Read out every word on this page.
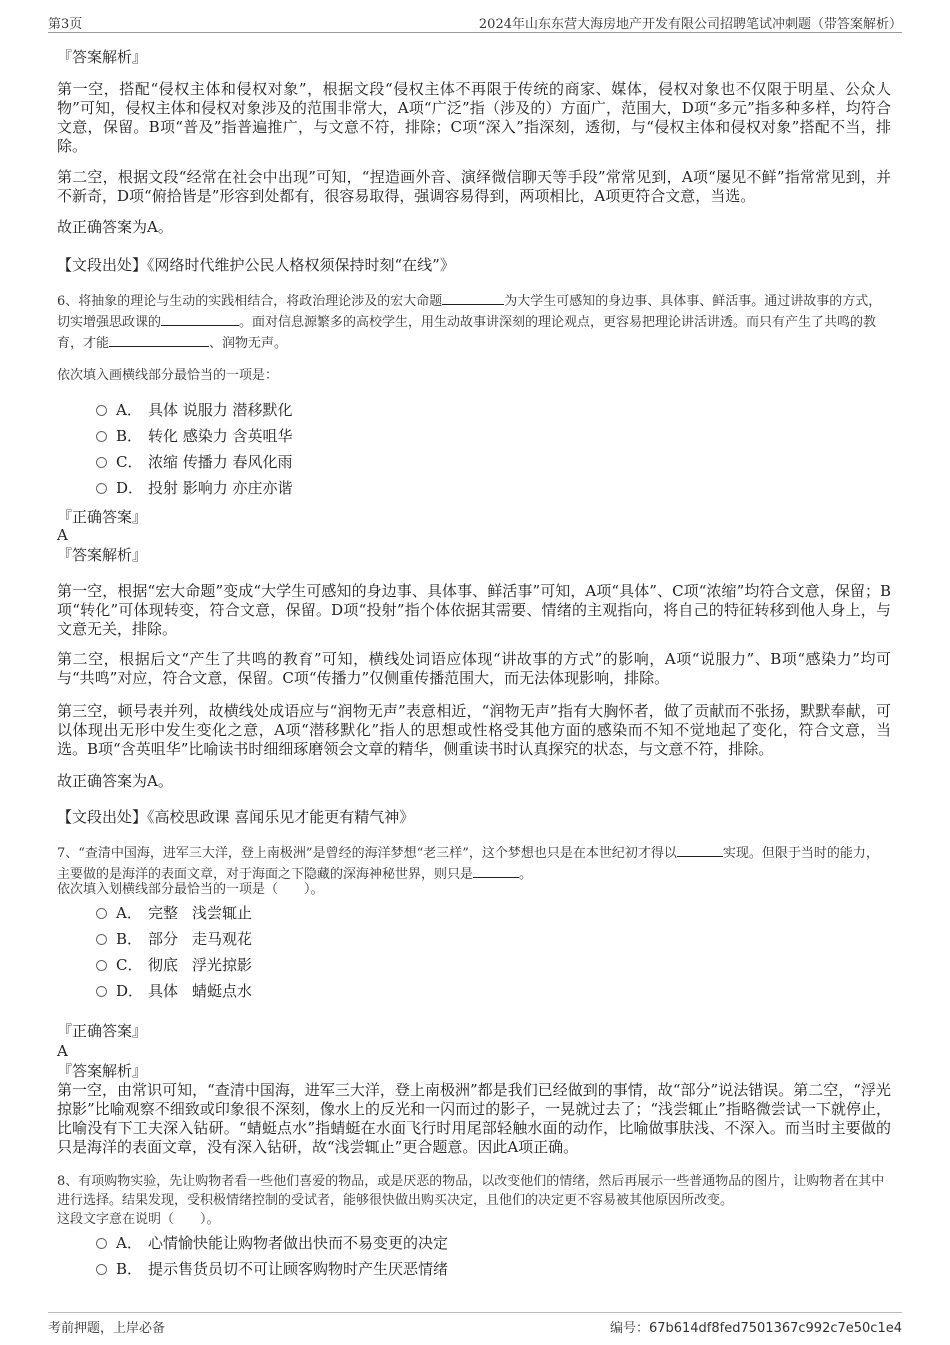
第3页	2024年山东东营大海房地产开发有限公司招聘笔试冲刺题（带答案解析）
『答案解析』
第一空，搭配“侵权主体和侵权对象”，根据文段“侵权主体不再限于传统的商家、媒体，侵权对象也不仅限于明星、公众人物”可知，侵权主体和侵权对象涉及的范围非常大，A项“广泛”指（涉及的）方面广，范围大，D项“多元”指多种多样，均符合文意，保留。B项“普及”指普遍推广，与文意不符，排除；C项“深入”指深刻，透彻，与“侵权主体和侵权对象”搭配不当，排除。
第二空，根据文段“经常在社会中出现”可知，“捏造画外音、演绎微信聊天等手段”常常见到，A项“屡见不鲜”指常常见到，并不新奇，D项“俯拾皆是”形容到处都有，很容易取得，强调容易得到，两项相比，A项更符合文意，当选。
故正确答案为A。
【文段出处】《网络时代维护公民人格权须保持时刻“在线”》
6、将抽象的理论与生动的实践相结合，将政治理论涉及的宏大命题	为大学生可感知的身边事、具体事、鲜活事。通过讲故事的方式，切实增强思政课的	。面对信息源繁多的高校学生，用生动故事讲深刻的理论观点，更容易把理论讲活讲透。而只有产生了共鸣的教育，才能	、润物无声。
依次填入画横线部分最恰当的一项是：
A． 具体 说服力 潜移默化
B． 转化 感染力 含英咀华
C． 浓缩 传播力 春风化雨
D． 投射 影响力 亦庄亦谐
『正确答案』
A
『答案解析』
第一空，根据“宏大命题”变成“大学生可感知的身边事、具体事、鲜活事”可知，A项“具体”、C项“浓缩”均符合文意，保留；B项“转化”可体现转变，符合文意，保留。D项“投射”指个体依据其需要、情绪的主观指向，将自己的特征转移到他人身上，与文意无关，排除。
第二空，根据后文“产生了共鸣的教育”可知，横线处词语应体现“讲故事的方式”的影响，A项“说服力”、B项“感染力”均可与“共鸣”对应，符合文意，保留。C项“传播力”仅侧重传播范围大，而无法体现影响，排除。
第三空，顿号表并列，故横线处成语应与“润物无声”表意相近，“润物无声”指有大胸怀者，做了贡献而不张扬，默默奉献，可以体现出无形中发生变化之意，A项“潜移默化”指人的思想或性格受其他方面的感染而不知不觉地起了变化，符合文意，当选。B项“含英咀华”比喻读书时细细琢磨领会文章的精华，侧重读书时认真探究的状态，与文意不符，排除。
故正确答案为A。
【文段出处】《高校思政课 喜闻乐见才能更有精气神》
7、“查清中国海，进军三大洋，登上南极洲”是曾经的海洋梦想“老三样”，这个梦想也只是在本世纪初才得以	实现。但限于当时的能力，主要做的是海洋的表面文章，对于海面之下隐藏的深海神秘世界，则只是	。
依次填入划横线部分最恰当的一项是（　　）。
A． 完整 浅尝辄止
B． 部分 走马观花
C． 彻底 浮光掠影
D． 具体 蜻蜓点水
『正确答案』
A
『答案解析』
第一空，由常识可知，“查清中国海，进军三大洋，登上南极洲”都是我们已经做到的事情，故“部分”说法错误。第二空，“浮光掠影”比喻观察不细致或印象很不深刻，像水上的反光和一闪而过的影子，一晃就过去了；“浅尝辄止”指略微尝试一下就停止，比喻没有下工夫深入钻研。“蜻蜓点水”指蜻蜓在水面飞行时用尾部轻触水面的动作，比喻做事肤浅、不深入。而当时主要做的只是海洋的表面文章，没有深入钻研，故“浅尝辄止”更合题意。因此A项正确。
8、有项购物实验，先让购物者看一些他们喜爱的物品，或是厌恶的物品，以改变他们的情绪，然后再展示一些普通物品的图片，让购物者在其中进行选择。结果发现，受积极情绪控制的受试者，能够很快做出购买决定，且他们的决定更不容易被其他原因所改变。
这段文字意在说明（　　）。
A． 心情愉快能让购物者做出快而不易变更的决定
B． 提示售货员切不可让顾客购物时产生厌恶情绪
考前押题，上岸必备	编号：67b614df8fed7501367c992c7e50c1e4
